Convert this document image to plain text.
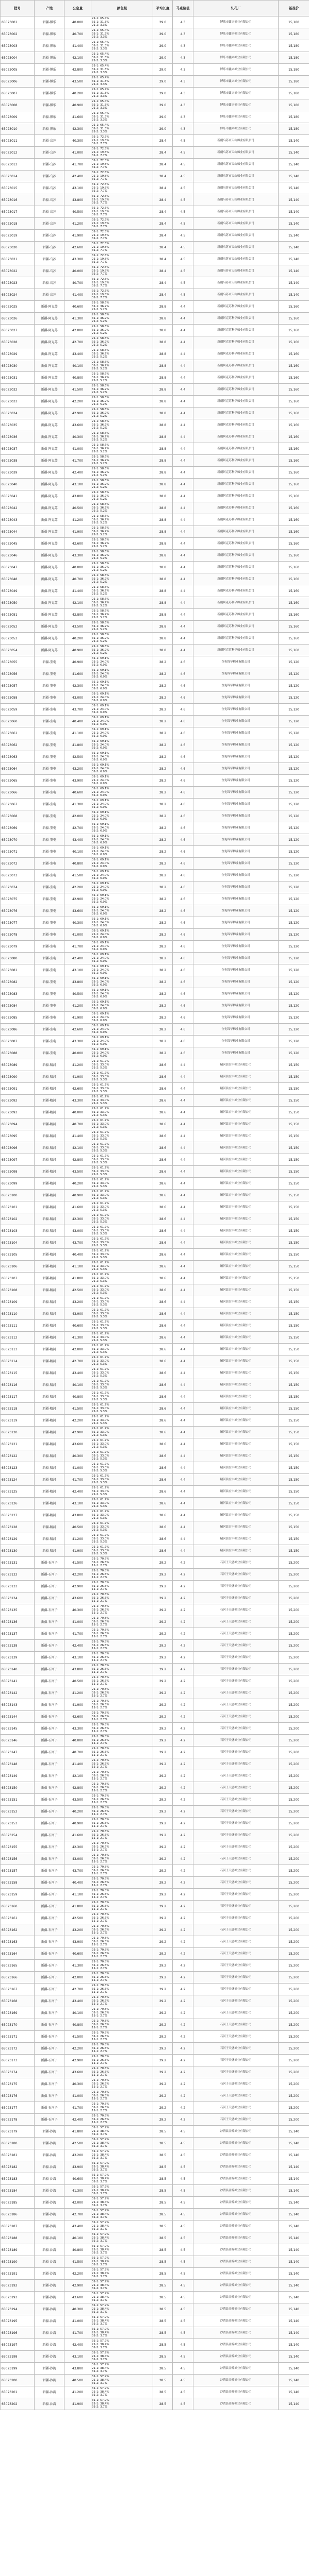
批号	产地	公定量	颜色级	平均长度	马克隆值	轧花厂	基准价
65023001	新疆-博乐	40.000	21-1: 65.4%
31-1: 31.3%
21-2: 3.3%	29.0	4.3	博乐市鑫兴棉业有限公司	15,180
65023002	新疆-博乐	40.700	21-1: 65.4%
31-1: 31.3%
21-2: 3.3%	29.0	4.3	博乐市鑫兴棉业有限公司	15,180
65023003	新疆-博乐	41.400	21-1: 65.4%
31-1: 31.3%
21-2: 3.3%	29.0	4.3	博乐市鑫兴棉业有限公司	15,180
65023004	新疆-博乐	42.100	21-1: 65.4%
31-1: 31.3%
21-2: 3.3%	29.0	4.3	博乐市鑫兴棉业有限公司	15,180
65023005	新疆-博乐	42.800	21-1: 65.4%
31-1: 31.3%
21-2: 3.3%	29.0	4.3	博乐市鑫兴棉业有限公司	15,180
65023006	新疆-博乐	43.500	21-1: 65.4%
31-1: 31.3%
21-2: 3.3%	29.0	4.3	博乐市鑫兴棉业有限公司	15,180
65023007	新疆-博乐	40.200	21-1: 65.4%
31-1: 31.3%
21-2: 3.3%	29.0	4.3	博乐市鑫兴棉业有限公司	15,180
65023008	新疆-博乐	40.900	21-1: 65.4%
31-1: 31.3%
21-2: 3.3%	29.0	4.3	博乐市鑫兴棉业有限公司	15,180
65023009	新疆-博乐	41.600	21-1: 65.4%
31-1: 31.3%
21-2: 3.3%	29.0	4.3	博乐市鑫兴棉业有限公司	15,180
65023010	新疆-博乐	42.300	21-1: 65.4%
31-1: 31.3%
21-2: 3.3%	29.0	4.3	博乐市鑫兴棉业有限公司	15,180
65023011	新疆-乌苏	40.300	31-1: 72.5%
21-1: 19.8%
31-2: 7.7%	28.4	4.5	新疆乌苏市天山棉业有限公司	15,140
65023012	新疆-乌苏	41.000	31-1: 72.5%
21-1: 19.8%
31-2: 7.7%	28.4	4.5	新疆乌苏市天山棉业有限公司	15,140
65023013	新疆-乌苏	41.700	31-1: 72.5%
21-1: 19.8%
31-2: 7.7%	28.4	4.5	新疆乌苏市天山棉业有限公司	15,140
65023014	新疆-乌苏	42.400	31-1: 72.5%
21-1: 19.8%
31-2: 7.7%	28.4	4.5	新疆乌苏市天山棉业有限公司	15,140
65023015	新疆-乌苏	43.100	31-1: 72.5%
21-1: 19.8%
31-2: 7.7%	28.4	4.5	新疆乌苏市天山棉业有限公司	15,140
65023016	新疆-乌苏	43.800	31-1: 72.5%
21-1: 19.8%
31-2: 7.7%	28.4	4.5	新疆乌苏市天山棉业有限公司	15,140
65023017	新疆-乌苏	40.500	31-1: 72.5%
21-1: 19.8%
31-2: 7.7%	28.4	4.5	新疆乌苏市天山棉业有限公司	15,140
65023018	新疆-乌苏	41.200	31-1: 72.5%
21-1: 19.8%
31-2: 7.7%	28.4	4.5	新疆乌苏市天山棉业有限公司	15,140
65023019	新疆-乌苏	41.900	31-1: 72.5%
21-1: 19.8%
31-2: 7.7%	28.4	4.5	新疆乌苏市天山棉业有限公司	15,140
65023020	新疆-乌苏	42.600	31-1: 72.5%
21-1: 19.8%
31-2: 7.7%	28.4	4.5	新疆乌苏市天山棉业有限公司	15,140
65023021	新疆-乌苏	43.300	31-1: 72.5%
21-1: 19.8%
31-2: 7.7%	28.4	4.5	新疆乌苏市天山棉业有限公司	15,140
65023022	新疆-乌苏	40.000	31-1: 72.5%
21-1: 19.8%
31-2: 7.7%	28.4	4.5	新疆乌苏市天山棉业有限公司	15,140
65023023	新疆-乌苏	40.700	31-1: 72.5%
21-1: 19.8%
31-2: 7.7%	28.4	4.5	新疆乌苏市天山棉业有限公司	15,140
65023024	新疆-乌苏	41.400	31-1: 72.5%
21-1: 19.8%
31-2: 7.7%	28.4	4.5	新疆乌苏市天山棉业有限公司	15,140
65023025	新疆-阿克苏	40.600	21-1: 58.6%
31-1: 36.2%
21-2: 5.2%	28.8	4.4	新疆阿克苏利华棉业有限公司	15,160
65023026	新疆-阿克苏	41.300	21-1: 58.6%
31-1: 36.2%
21-2: 5.2%	28.8	4.4	新疆阿克苏利华棉业有限公司	15,160
65023027	新疆-阿克苏	42.000	21-1: 58.6%
31-1: 36.2%
21-2: 5.2%	28.8	4.4	新疆阿克苏利华棉业有限公司	15,160
65023028	新疆-阿克苏	42.700	21-1: 58.6%
31-1: 36.2%
21-2: 5.2%	28.8	4.4	新疆阿克苏利华棉业有限公司	15,160
65023029	新疆-阿克苏	43.400	21-1: 58.6%
31-1: 36.2%
21-2: 5.2%	28.8	4.4	新疆阿克苏利华棉业有限公司	15,160
65023030	新疆-阿克苏	40.100	21-1: 58.6%
31-1: 36.2%
21-2: 5.2%	28.8	4.4	新疆阿克苏利华棉业有限公司	15,160
65023031	新疆-阿克苏	40.800	21-1: 58.6%
31-1: 36.2%
21-2: 5.2%	28.8	4.4	新疆阿克苏利华棉业有限公司	15,160
65023032	新疆-阿克苏	41.500	21-1: 58.6%
31-1: 36.2%
21-2: 5.2%	28.8	4.4	新疆阿克苏利华棉业有限公司	15,160
65023033	新疆-阿克苏	42.200	21-1: 58.6%
31-1: 36.2%
21-2: 5.2%	28.8	4.4	新疆阿克苏利华棉业有限公司	15,160
65023034	新疆-阿克苏	42.900	21-1: 58.6%
31-1: 36.2%
21-2: 5.2%	28.8	4.4	新疆阿克苏利华棉业有限公司	15,160
65023035	新疆-阿克苏	43.600	21-1: 58.6%
31-1: 36.2%
21-2: 5.2%	28.8	4.4	新疆阿克苏利华棉业有限公司	15,160
65023036	新疆-阿克苏	40.300	21-1: 58.6%
31-1: 36.2%
21-2: 5.2%	28.8	4.4	新疆阿克苏利华棉业有限公司	15,160
65023037	新疆-阿克苏	41.000	21-1: 58.6%
31-1: 36.2%
21-2: 5.2%	28.8	4.4	新疆阿克苏利华棉业有限公司	15,160
65023038	新疆-阿克苏	41.700	21-1: 58.6%
31-1: 36.2%
21-2: 5.2%	28.8	4.4	新疆阿克苏利华棉业有限公司	15,160
65023039	新疆-阿克苏	42.400	21-1: 58.6%
31-1: 36.2%
21-2: 5.2%	28.8	4.4	新疆阿克苏利华棉业有限公司	15,160
65023040	新疆-阿克苏	43.100	21-1: 58.6%
31-1: 36.2%
21-2: 5.2%	28.8	4.4	新疆阿克苏利华棉业有限公司	15,160
65023041	新疆-阿克苏	43.800	21-1: 58.6%
31-1: 36.2%
21-2: 5.2%	28.8	4.4	新疆阿克苏利华棉业有限公司	15,160
65023042	新疆-阿克苏	40.500	21-1: 58.6%
31-1: 36.2%
21-2: 5.2%	28.8	4.4	新疆阿克苏利华棉业有限公司	15,160
65023043	新疆-阿克苏	41.200	21-1: 58.6%
31-1: 36.2%
21-2: 5.2%	28.8	4.4	新疆阿克苏利华棉业有限公司	15,160
65023044	新疆-阿克苏	41.900	21-1: 58.6%
31-1: 36.2%
21-2: 5.2%	28.8	4.4	新疆阿克苏利华棉业有限公司	15,160
65023045	新疆-阿克苏	42.600	21-1: 58.6%
31-1: 36.2%
21-2: 5.2%	28.8	4.4	新疆阿克苏利华棉业有限公司	15,160
65023046	新疆-阿克苏	43.300	21-1: 58.6%
31-1: 36.2%
21-2: 5.2%	28.8	4.4	新疆阿克苏利华棉业有限公司	15,160
65023047	新疆-阿克苏	40.000	21-1: 58.6%
31-1: 36.2%
21-2: 5.2%	28.8	4.4	新疆阿克苏利华棉业有限公司	15,160
65023048	新疆-阿克苏	40.700	21-1: 58.6%
31-1: 36.2%
21-2: 5.2%	28.8	4.4	新疆阿克苏利华棉业有限公司	15,160
65023049	新疆-阿克苏	41.400	21-1: 58.6%
31-1: 36.2%
21-2: 5.2%	28.8	4.4	新疆阿克苏利华棉业有限公司	15,160
65023050	新疆-阿克苏	42.100	21-1: 58.6%
31-1: 36.2%
21-2: 5.2%	28.8	4.4	新疆阿克苏利华棉业有限公司	15,160
65023051	新疆-阿克苏	42.800	21-1: 58.6%
31-1: 36.2%
21-2: 5.2%	28.8	4.4	新疆阿克苏利华棉业有限公司	15,160
65023052	新疆-阿克苏	43.500	21-1: 58.6%
31-1: 36.2%
21-2: 5.2%	28.8	4.4	新疆阿克苏利华棉业有限公司	15,160
65023053	新疆-阿克苏	40.200	21-1: 58.6%
31-1: 36.2%
21-2: 5.2%	28.8	4.4	新疆阿克苏利华棉业有限公司	15,160
65023054	新疆-阿克苏	40.900	21-1: 58.6%
31-1: 36.2%
21-2: 5.2%	28.8	4.4	新疆阿克苏利华棉业有限公司	15,160
65023055	新疆-奎屯	40.900	31-1: 69.1%
21-1: 24.0%
31-2: 6.9%	28.2	4.6	奎屯锦华棉业有限公司	15,120
65023056	新疆-奎屯	41.600	31-1: 69.1%
21-1: 24.0%
31-2: 6.9%	28.2	4.6	奎屯锦华棉业有限公司	15,120
65023057	新疆-奎屯	42.300	31-1: 69.1%
21-1: 24.0%
31-2: 6.9%	28.2	4.6	奎屯锦华棉业有限公司	15,120
65023058	新疆-奎屯	43.000	31-1: 69.1%
21-1: 24.0%
31-2: 6.9%	28.2	4.6	奎屯锦华棉业有限公司	15,120
65023059	新疆-奎屯	43.700	31-1: 69.1%
21-1: 24.0%
31-2: 6.9%	28.2	4.6	奎屯锦华棉业有限公司	15,120
65023060	新疆-奎屯	40.400	31-1: 69.1%
21-1: 24.0%
31-2: 6.9%	28.2	4.6	奎屯锦华棉业有限公司	15,120
65023061	新疆-奎屯	41.100	31-1: 69.1%
21-1: 24.0%
31-2: 6.9%	28.2	4.6	奎屯锦华棉业有限公司	15,120
65023062	新疆-奎屯	41.800	31-1: 69.1%
21-1: 24.0%
31-2: 6.9%	28.2	4.6	奎屯锦华棉业有限公司	15,120
65023063	新疆-奎屯	42.500	31-1: 69.1%
21-1: 24.0%
31-2: 6.9%	28.2	4.6	奎屯锦华棉业有限公司	15,120
65023064	新疆-奎屯	43.200	31-1: 69.1%
21-1: 24.0%
31-2: 6.9%	28.2	4.6	奎屯锦华棉业有限公司	15,120
65023065	新疆-奎屯	43.900	31-1: 69.1%
21-1: 24.0%
31-2: 6.9%	28.2	4.6	奎屯锦华棉业有限公司	15,120
65023066	新疆-奎屯	40.600	31-1: 69.1%
21-1: 24.0%
31-2: 6.9%	28.2	4.6	奎屯锦华棉业有限公司	15,120
65023067	新疆-奎屯	41.300	31-1: 69.1%
21-1: 24.0%
31-2: 6.9%	28.2	4.6	奎屯锦华棉业有限公司	15,120
65023068	新疆-奎屯	42.000	31-1: 69.1%
21-1: 24.0%
31-2: 6.9%	28.2	4.6	奎屯锦华棉业有限公司	15,120
65023069	新疆-奎屯	42.700	31-1: 69.1%
21-1: 24.0%
31-2: 6.9%	28.2	4.6	奎屯锦华棉业有限公司	15,120
65023070	新疆-奎屯	43.400	31-1: 69.1%
21-1: 24.0%
31-2: 6.9%	28.2	4.6	奎屯锦华棉业有限公司	15,120
65023071	新疆-奎屯	40.100	31-1: 69.1%
21-1: 24.0%
31-2: 6.9%	28.2	4.6	奎屯锦华棉业有限公司	15,120
65023072	新疆-奎屯	40.800	31-1: 69.1%
21-1: 24.0%
31-2: 6.9%	28.2	4.6	奎屯锦华棉业有限公司	15,120
65023073	新疆-奎屯	41.500	31-1: 69.1%
21-1: 24.0%
31-2: 6.9%	28.2	4.6	奎屯锦华棉业有限公司	15,120
65023074	新疆-奎屯	42.200	31-1: 69.1%
21-1: 24.0%
31-2: 6.9%	28.2	4.6	奎屯锦华棉业有限公司	15,120
65023075	新疆-奎屯	42.900	31-1: 69.1%
21-1: 24.0%
31-2: 6.9%	28.2	4.6	奎屯锦华棉业有限公司	15,120
65023076	新疆-奎屯	43.600	31-1: 69.1%
21-1: 24.0%
31-2: 6.9%	28.2	4.6	奎屯锦华棉业有限公司	15,120
65023077	新疆-奎屯	40.300	31-1: 69.1%
21-1: 24.0%
31-2: 6.9%	28.2	4.6	奎屯锦华棉业有限公司	15,120
65023078	新疆-奎屯	41.000	31-1: 69.1%
21-1: 24.0%
31-2: 6.9%	28.2	4.6	奎屯锦华棉业有限公司	15,120
65023079	新疆-奎屯	41.700	31-1: 69.1%
21-1: 24.0%
31-2: 6.9%	28.2	4.6	奎屯锦华棉业有限公司	15,120
65023080	新疆-奎屯	42.400	31-1: 69.1%
21-1: 24.0%
31-2: 6.9%	28.2	4.6	奎屯锦华棉业有限公司	15,120
65023081	新疆-奎屯	43.100	31-1: 69.1%
21-1: 24.0%
31-2: 6.9%	28.2	4.6	奎屯锦华棉业有限公司	15,120
65023082	新疆-奎屯	43.800	31-1: 69.1%
21-1: 24.0%
31-2: 6.9%	28.2	4.6	奎屯锦华棉业有限公司	15,120
65023083	新疆-奎屯	40.500	31-1: 69.1%
21-1: 24.0%
31-2: 6.9%	28.2	4.6	奎屯锦华棉业有限公司	15,120
65023084	新疆-奎屯	41.200	31-1: 69.1%
21-1: 24.0%
31-2: 6.9%	28.2	4.6	奎屯锦华棉业有限公司	15,120
65023085	新疆-奎屯	41.900	31-1: 69.1%
21-1: 24.0%
31-2: 6.9%	28.2	4.6	奎屯锦华棉业有限公司	15,120
65023086	新疆-奎屯	42.600	31-1: 69.1%
21-1: 24.0%
31-2: 6.9%	28.2	4.6	奎屯锦华棉业有限公司	15,120
65023087	新疆-奎屯	43.300	31-1: 69.1%
21-1: 24.0%
31-2: 6.9%	28.2	4.6	奎屯锦华棉业有限公司	15,120
65023088	新疆-奎屯	40.000	31-1: 69.1%
21-1: 24.0%
31-2: 6.9%	28.2	4.6	奎屯锦华棉业有限公司	15,120
65023089	新疆-精河	41.200	21-1: 61.7%
31-1: 33.0%
21-2: 5.3%	28.6	4.4	精河县宏丰棉业有限公司	15,150
65023090	新疆-精河	41.900	21-1: 61.7%
31-1: 33.0%
21-2: 5.3%	28.6	4.4	精河县宏丰棉业有限公司	15,150
65023091	新疆-精河	42.600	21-1: 61.7%
31-1: 33.0%
21-2: 5.3%	28.6	4.4	精河县宏丰棉业有限公司	15,150
65023092	新疆-精河	43.300	21-1: 61.7%
31-1: 33.0%
21-2: 5.3%	28.6	4.4	精河县宏丰棉业有限公司	15,150
65023093	新疆-精河	40.000	21-1: 61.7%
31-1: 33.0%
21-2: 5.3%	28.6	4.4	精河县宏丰棉业有限公司	15,150
65023094	新疆-精河	40.700	21-1: 61.7%
31-1: 33.0%
21-2: 5.3%	28.6	4.4	精河县宏丰棉业有限公司	15,150
65023095	新疆-精河	41.400	21-1: 61.7%
31-1: 33.0%
21-2: 5.3%	28.6	4.4	精河县宏丰棉业有限公司	15,150
65023096	新疆-精河	42.100	21-1: 61.7%
31-1: 33.0%
21-2: 5.3%	28.6	4.4	精河县宏丰棉业有限公司	15,150
65023097	新疆-精河	42.800	21-1: 61.7%
31-1: 33.0%
21-2: 5.3%	28.6	4.4	精河县宏丰棉业有限公司	15,150
65023098	新疆-精河	43.500	21-1: 61.7%
31-1: 33.0%
21-2: 5.3%	28.6	4.4	精河县宏丰棉业有限公司	15,150
65023099	新疆-精河	40.200	21-1: 61.7%
31-1: 33.0%
21-2: 5.3%	28.6	4.4	精河县宏丰棉业有限公司	15,150
65023100	新疆-精河	40.900	21-1: 61.7%
31-1: 33.0%
21-2: 5.3%	28.6	4.4	精河县宏丰棉业有限公司	15,150
65023101	新疆-精河	41.600	21-1: 61.7%
31-1: 33.0%
21-2: 5.3%	28.6	4.4	精河县宏丰棉业有限公司	15,150
65023102	新疆-精河	42.300	21-1: 61.7%
31-1: 33.0%
21-2: 5.3%	28.6	4.4	精河县宏丰棉业有限公司	15,150
65023103	新疆-精河	43.000	21-1: 61.7%
31-1: 33.0%
21-2: 5.3%	28.6	4.4	精河县宏丰棉业有限公司	15,150
65023104	新疆-精河	43.700	21-1: 61.7%
31-1: 33.0%
21-2: 5.3%	28.6	4.4	精河县宏丰棉业有限公司	15,150
65023105	新疆-精河	40.400	21-1: 61.7%
31-1: 33.0%
21-2: 5.3%	28.6	4.4	精河县宏丰棉业有限公司	15,150
65023106	新疆-精河	41.100	21-1: 61.7%
31-1: 33.0%
21-2: 5.3%	28.6	4.4	精河县宏丰棉业有限公司	15,150
65023107	新疆-精河	41.800	21-1: 61.7%
31-1: 33.0%
21-2: 5.3%	28.6	4.4	精河县宏丰棉业有限公司	15,150
65023108	新疆-精河	42.500	21-1: 61.7%
31-1: 33.0%
21-2: 5.3%	28.6	4.4	精河县宏丰棉业有限公司	15,150
65023109	新疆-精河	43.200	21-1: 61.7%
31-1: 33.0%
21-2: 5.3%	28.6	4.4	精河县宏丰棉业有限公司	15,150
65023110	新疆-精河	43.900	21-1: 61.7%
31-1: 33.0%
21-2: 5.3%	28.6	4.4	精河县宏丰棉业有限公司	15,150
65023111	新疆-精河	40.600	21-1: 61.7%
31-1: 33.0%
21-2: 5.3%	28.6	4.4	精河县宏丰棉业有限公司	15,150
65023112	新疆-精河	41.300	21-1: 61.7%
31-1: 33.0%
21-2: 5.3%	28.6	4.4	精河县宏丰棉业有限公司	15,150
65023113	新疆-精河	42.000	21-1: 61.7%
31-1: 33.0%
21-2: 5.3%	28.6	4.4	精河县宏丰棉业有限公司	15,150
65023114	新疆-精河	42.700	21-1: 61.7%
31-1: 33.0%
21-2: 5.3%	28.6	4.4	精河县宏丰棉业有限公司	15,150
65023115	新疆-精河	43.400	21-1: 61.7%
31-1: 33.0%
21-2: 5.3%	28.6	4.4	精河县宏丰棉业有限公司	15,150
65023116	新疆-精河	40.100	21-1: 61.7%
31-1: 33.0%
21-2: 5.3%	28.6	4.4	精河县宏丰棉业有限公司	15,150
65023117	新疆-精河	40.800	21-1: 61.7%
31-1: 33.0%
21-2: 5.3%	28.6	4.4	精河县宏丰棉业有限公司	15,150
65023118	新疆-精河	41.500	21-1: 61.7%
31-1: 33.0%
21-2: 5.3%	28.6	4.4	精河县宏丰棉业有限公司	15,150
65023119	新疆-精河	42.200	21-1: 61.7%
31-1: 33.0%
21-2: 5.3%	28.6	4.4	精河县宏丰棉业有限公司	15,150
65023120	新疆-精河	42.900	21-1: 61.7%
31-1: 33.0%
21-2: 5.3%	28.6	4.4	精河县宏丰棉业有限公司	15,150
65023121	新疆-精河	43.600	21-1: 61.7%
31-1: 33.0%
21-2: 5.3%	28.6	4.4	精河县宏丰棉业有限公司	15,150
65023122	新疆-精河	40.300	21-1: 61.7%
31-1: 33.0%
21-2: 5.3%	28.6	4.4	精河县宏丰棉业有限公司	15,150
65023123	新疆-精河	41.000	21-1: 61.7%
31-1: 33.0%
21-2: 5.3%	28.6	4.4	精河县宏丰棉业有限公司	15,150
65023124	新疆-精河	41.700	21-1: 61.7%
31-1: 33.0%
21-2: 5.3%	28.6	4.4	精河县宏丰棉业有限公司	15,150
65023125	新疆-精河	42.400	21-1: 61.7%
31-1: 33.0%
21-2: 5.3%	28.6	4.4	精河县宏丰棉业有限公司	15,150
65023126	新疆-精河	43.100	21-1: 61.7%
31-1: 33.0%
21-2: 5.3%	28.6	4.4	精河县宏丰棉业有限公司	15,150
65023127	新疆-精河	43.800	21-1: 61.7%
31-1: 33.0%
21-2: 5.3%	28.6	4.4	精河县宏丰棉业有限公司	15,150
65023128	新疆-精河	40.500	21-1: 61.7%
31-1: 33.0%
21-2: 5.3%	28.6	4.4	精河县宏丰棉业有限公司	15,150
65023129	新疆-精河	41.200	21-1: 61.7%
31-1: 33.0%
21-2: 5.3%	28.6	4.4	精河县宏丰棉业有限公司	15,150
65023130	新疆-精河	41.900	21-1: 61.7%
31-1: 33.0%
21-2: 5.3%	28.6	4.4	精河县宏丰棉业有限公司	15,150
65023131	新疆-石河子	41.500	21-1: 70.8%
31-1: 26.5%
11-1: 2.7%	29.2	4.2	石河子天盛棉业有限公司	15,200
65023132	新疆-石河子	42.200	21-1: 70.8%
31-1: 26.5%
11-1: 2.7%	29.2	4.2	石河子天盛棉业有限公司	15,200
65023133	新疆-石河子	42.900	21-1: 70.8%
31-1: 26.5%
11-1: 2.7%	29.2	4.2	石河子天盛棉业有限公司	15,200
65023134	新疆-石河子	43.600	21-1: 70.8%
31-1: 26.5%
11-1: 2.7%	29.2	4.2	石河子天盛棉业有限公司	15,200
65023135	新疆-石河子	40.300	21-1: 70.8%
31-1: 26.5%
11-1: 2.7%	29.2	4.2	石河子天盛棉业有限公司	15,200
65023136	新疆-石河子	41.000	21-1: 70.8%
31-1: 26.5%
11-1: 2.7%	29.2	4.2	石河子天盛棉业有限公司	15,200
65023137	新疆-石河子	41.700	21-1: 70.8%
31-1: 26.5%
11-1: 2.7%	29.2	4.2	石河子天盛棉业有限公司	15,200
65023138	新疆-石河子	42.400	21-1: 70.8%
31-1: 26.5%
11-1: 2.7%	29.2	4.2	石河子天盛棉业有限公司	15,200
65023139	新疆-石河子	43.100	21-1: 70.8%
31-1: 26.5%
11-1: 2.7%	29.2	4.2	石河子天盛棉业有限公司	15,200
65023140	新疆-石河子	43.800	21-1: 70.8%
31-1: 26.5%
11-1: 2.7%	29.2	4.2	石河子天盛棉业有限公司	15,200
65023141	新疆-石河子	40.500	21-1: 70.8%
31-1: 26.5%
11-1: 2.7%	29.2	4.2	石河子天盛棉业有限公司	15,200
65023142	新疆-石河子	41.200	21-1: 70.8%
31-1: 26.5%
11-1: 2.7%	29.2	4.2	石河子天盛棉业有限公司	15,200
65023143	新疆-石河子	41.900	21-1: 70.8%
31-1: 26.5%
11-1: 2.7%	29.2	4.2	石河子天盛棉业有限公司	15,200
65023144	新疆-石河子	42.600	21-1: 70.8%
31-1: 26.5%
11-1: 2.7%	29.2	4.2	石河子天盛棉业有限公司	15,200
65023145	新疆-石河子	43.300	21-1: 70.8%
31-1: 26.5%
11-1: 2.7%	29.2	4.2	石河子天盛棉业有限公司	15,200
65023146	新疆-石河子	40.000	21-1: 70.8%
31-1: 26.5%
11-1: 2.7%	29.2	4.2	石河子天盛棉业有限公司	15,200
65023147	新疆-石河子	40.700	21-1: 70.8%
31-1: 26.5%
11-1: 2.7%	29.2	4.2	石河子天盛棉业有限公司	15,200
65023148	新疆-石河子	41.400	21-1: 70.8%
31-1: 26.5%
11-1: 2.7%	29.2	4.2	石河子天盛棉业有限公司	15,200
65023149	新疆-石河子	42.100	21-1: 70.8%
31-1: 26.5%
11-1: 2.7%	29.2	4.2	石河子天盛棉业有限公司	15,200
65023150	新疆-石河子	42.800	21-1: 70.8%
31-1: 26.5%
11-1: 2.7%	29.2	4.2	石河子天盛棉业有限公司	15,200
65023151	新疆-石河子	43.500	21-1: 70.8%
31-1: 26.5%
11-1: 2.7%	29.2	4.2	石河子天盛棉业有限公司	15,200
65023152	新疆-石河子	40.200	21-1: 70.8%
31-1: 26.5%
11-1: 2.7%	29.2	4.2	石河子天盛棉业有限公司	15,200
65023153	新疆-石河子	40.900	21-1: 70.8%
31-1: 26.5%
11-1: 2.7%	29.2	4.2	石河子天盛棉业有限公司	15,200
65023154	新疆-石河子	41.600	21-1: 70.8%
31-1: 26.5%
11-1: 2.7%	29.2	4.2	石河子天盛棉业有限公司	15,200
65023155	新疆-石河子	42.300	21-1: 70.8%
31-1: 26.5%
11-1: 2.7%	29.2	4.2	石河子天盛棉业有限公司	15,200
65023156	新疆-石河子	43.000	21-1: 70.8%
31-1: 26.5%
11-1: 2.7%	29.2	4.2	石河子天盛棉业有限公司	15,200
65023157	新疆-石河子	43.700	21-1: 70.8%
31-1: 26.5%
11-1: 2.7%	29.2	4.2	石河子天盛棉业有限公司	15,200
65023158	新疆-石河子	40.400	21-1: 70.8%
31-1: 26.5%
11-1: 2.7%	29.2	4.2	石河子天盛棉业有限公司	15,200
65023159	新疆-石河子	41.100	21-1: 70.8%
31-1: 26.5%
11-1: 2.7%	29.2	4.2	石河子天盛棉业有限公司	15,200
65023160	新疆-石河子	41.800	21-1: 70.8%
31-1: 26.5%
11-1: 2.7%	29.2	4.2	石河子天盛棉业有限公司	15,200
65023161	新疆-石河子	42.500	21-1: 70.8%
31-1: 26.5%
11-1: 2.7%	29.2	4.2	石河子天盛棉业有限公司	15,200
65023162	新疆-石河子	43.200	21-1: 70.8%
31-1: 26.5%
11-1: 2.7%	29.2	4.2	石河子天盛棉业有限公司	15,200
65023163	新疆-石河子	43.900	21-1: 70.8%
31-1: 26.5%
11-1: 2.7%	29.2	4.2	石河子天盛棉业有限公司	15,200
65023164	新疆-石河子	40.600	21-1: 70.8%
31-1: 26.5%
11-1: 2.7%	29.2	4.2	石河子天盛棉业有限公司	15,200
65023165	新疆-石河子	41.300	21-1: 70.8%
31-1: 26.5%
11-1: 2.7%	29.2	4.2	石河子天盛棉业有限公司	15,200
65023166	新疆-石河子	42.000	21-1: 70.8%
31-1: 26.5%
11-1: 2.7%	29.2	4.2	石河子天盛棉业有限公司	15,200
65023167	新疆-石河子	42.700	21-1: 70.8%
31-1: 26.5%
11-1: 2.7%	29.2	4.2	石河子天盛棉业有限公司	15,200
65023168	新疆-石河子	43.400	21-1: 70.8%
31-1: 26.5%
11-1: 2.7%	29.2	4.2	石河子天盛棉业有限公司	15,200
65023169	新疆-石河子	40.100	21-1: 70.8%
31-1: 26.5%
11-1: 2.7%	29.2	4.2	石河子天盛棉业有限公司	15,200
65023170	新疆-石河子	40.800	21-1: 70.8%
31-1: 26.5%
11-1: 2.7%	29.2	4.2	石河子天盛棉业有限公司	15,200
65023171	新疆-石河子	41.500	21-1: 70.8%
31-1: 26.5%
11-1: 2.7%	29.2	4.2	石河子天盛棉业有限公司	15,200
65023172	新疆-石河子	42.200	21-1: 70.8%
31-1: 26.5%
11-1: 2.7%	29.2	4.2	石河子天盛棉业有限公司	15,200
65023173	新疆-石河子	42.900	21-1: 70.8%
31-1: 26.5%
11-1: 2.7%	29.2	4.2	石河子天盛棉业有限公司	15,200
65023174	新疆-石河子	43.600	21-1: 70.8%
31-1: 26.5%
11-1: 2.7%	29.2	4.2	石河子天盛棉业有限公司	15,200
65023175	新疆-石河子	40.300	21-1: 70.8%
31-1: 26.5%
11-1: 2.7%	29.2	4.2	石河子天盛棉业有限公司	15,200
65023176	新疆-石河子	41.000	21-1: 70.8%
31-1: 26.5%
11-1: 2.7%	29.2	4.2	石河子天盛棉业有限公司	15,200
65023177	新疆-石河子	41.700	21-1: 70.8%
31-1: 26.5%
11-1: 2.7%	29.2	4.2	石河子天盛棉业有限公司	15,200
65023178	新疆-石河子	42.400	21-1: 70.8%
31-1: 26.5%
11-1: 2.7%	29.2	4.2	石河子天盛棉业有限公司	15,200
65023179	新疆-沙湾	41.800	31-1: 57.9%
21-1: 38.4%
31-2: 3.7%	28.5	4.5	沙湾县金棉棉业有限公司	15,140
65023180	新疆-沙湾	42.500	31-1: 57.9%
21-1: 38.4%
31-2: 3.7%	28.5	4.5	沙湾县金棉棉业有限公司	15,140
65023181	新疆-沙湾	43.200	31-1: 57.9%
21-1: 38.4%
31-2: 3.7%	28.5	4.5	沙湾县金棉棉业有限公司	15,140
65023182	新疆-沙湾	43.900	31-1: 57.9%
21-1: 38.4%
31-2: 3.7%	28.5	4.5	沙湾县金棉棉业有限公司	15,140
65023183	新疆-沙湾	40.600	31-1: 57.9%
21-1: 38.4%
31-2: 3.7%	28.5	4.5	沙湾县金棉棉业有限公司	15,140
65023184	新疆-沙湾	41.300	31-1: 57.9%
21-1: 38.4%
31-2: 3.7%	28.5	4.5	沙湾县金棉棉业有限公司	15,140
65023185	新疆-沙湾	42.000	31-1: 57.9%
21-1: 38.4%
31-2: 3.7%	28.5	4.5	沙湾县金棉棉业有限公司	15,140
65023186	新疆-沙湾	42.700	31-1: 57.9%
21-1: 38.4%
31-2: 3.7%	28.5	4.5	沙湾县金棉棉业有限公司	15,140
65023187	新疆-沙湾	43.400	31-1: 57.9%
21-1: 38.4%
31-2: 3.7%	28.5	4.5	沙湾县金棉棉业有限公司	15,140
65023188	新疆-沙湾	40.100	31-1: 57.9%
21-1: 38.4%
31-2: 3.7%	28.5	4.5	沙湾县金棉棉业有限公司	15,140
65023189	新疆-沙湾	40.800	31-1: 57.9%
21-1: 38.4%
31-2: 3.7%	28.5	4.5	沙湾县金棉棉业有限公司	15,140
65023190	新疆-沙湾	41.500	31-1: 57.9%
21-1: 38.4%
31-2: 3.7%	28.5	4.5	沙湾县金棉棉业有限公司	15,140
65023191	新疆-沙湾	42.200	31-1: 57.9%
21-1: 38.4%
31-2: 3.7%	28.5	4.5	沙湾县金棉棉业有限公司	15,140
65023192	新疆-沙湾	42.900	31-1: 57.9%
21-1: 38.4%
31-2: 3.7%	28.5	4.5	沙湾县金棉棉业有限公司	15,140
65023193	新疆-沙湾	43.600	31-1: 57.9%
21-1: 38.4%
31-2: 3.7%	28.5	4.5	沙湾县金棉棉业有限公司	15,140
65023194	新疆-沙湾	40.300	31-1: 57.9%
21-1: 38.4%
31-2: 3.7%	28.5	4.5	沙湾县金棉棉业有限公司	15,140
65023195	新疆-沙湾	41.000	31-1: 57.9%
21-1: 38.4%
31-2: 3.7%	28.5	4.5	沙湾县金棉棉业有限公司	15,140
65023196	新疆-沙湾	41.700	31-1: 57.9%
21-1: 38.4%
31-2: 3.7%	28.5	4.5	沙湾县金棉棉业有限公司	15,140
65023197	新疆-沙湾	42.400	31-1: 57.9%
21-1: 38.4%
31-2: 3.7%	28.5	4.5	沙湾县金棉棉业有限公司	15,140
65023198	新疆-沙湾	43.100	31-1: 57.9%
21-1: 38.4%
31-2: 3.7%	28.5	4.5	沙湾县金棉棉业有限公司	15,140
65023199	新疆-沙湾	43.800	31-1: 57.9%
21-1: 38.4%
31-2: 3.7%	28.5	4.5	沙湾县金棉棉业有限公司	15,140
65023200	新疆-沙湾	40.500	31-1: 57.9%
21-1: 38.4%
31-2: 3.7%	28.5	4.5	沙湾县金棉棉业有限公司	15,140
65023201	新疆-沙湾	41.200	31-1: 57.9%
21-1: 38.4%
31-2: 3.7%	28.5	4.5	沙湾县金棉棉业有限公司	15,140
65023202	新疆-沙湾	41.900	31-1: 57.9%
21-1: 38.4%
31-2: 3.7%	28.5	4.5	沙湾县金棉棉业有限公司	15,140
